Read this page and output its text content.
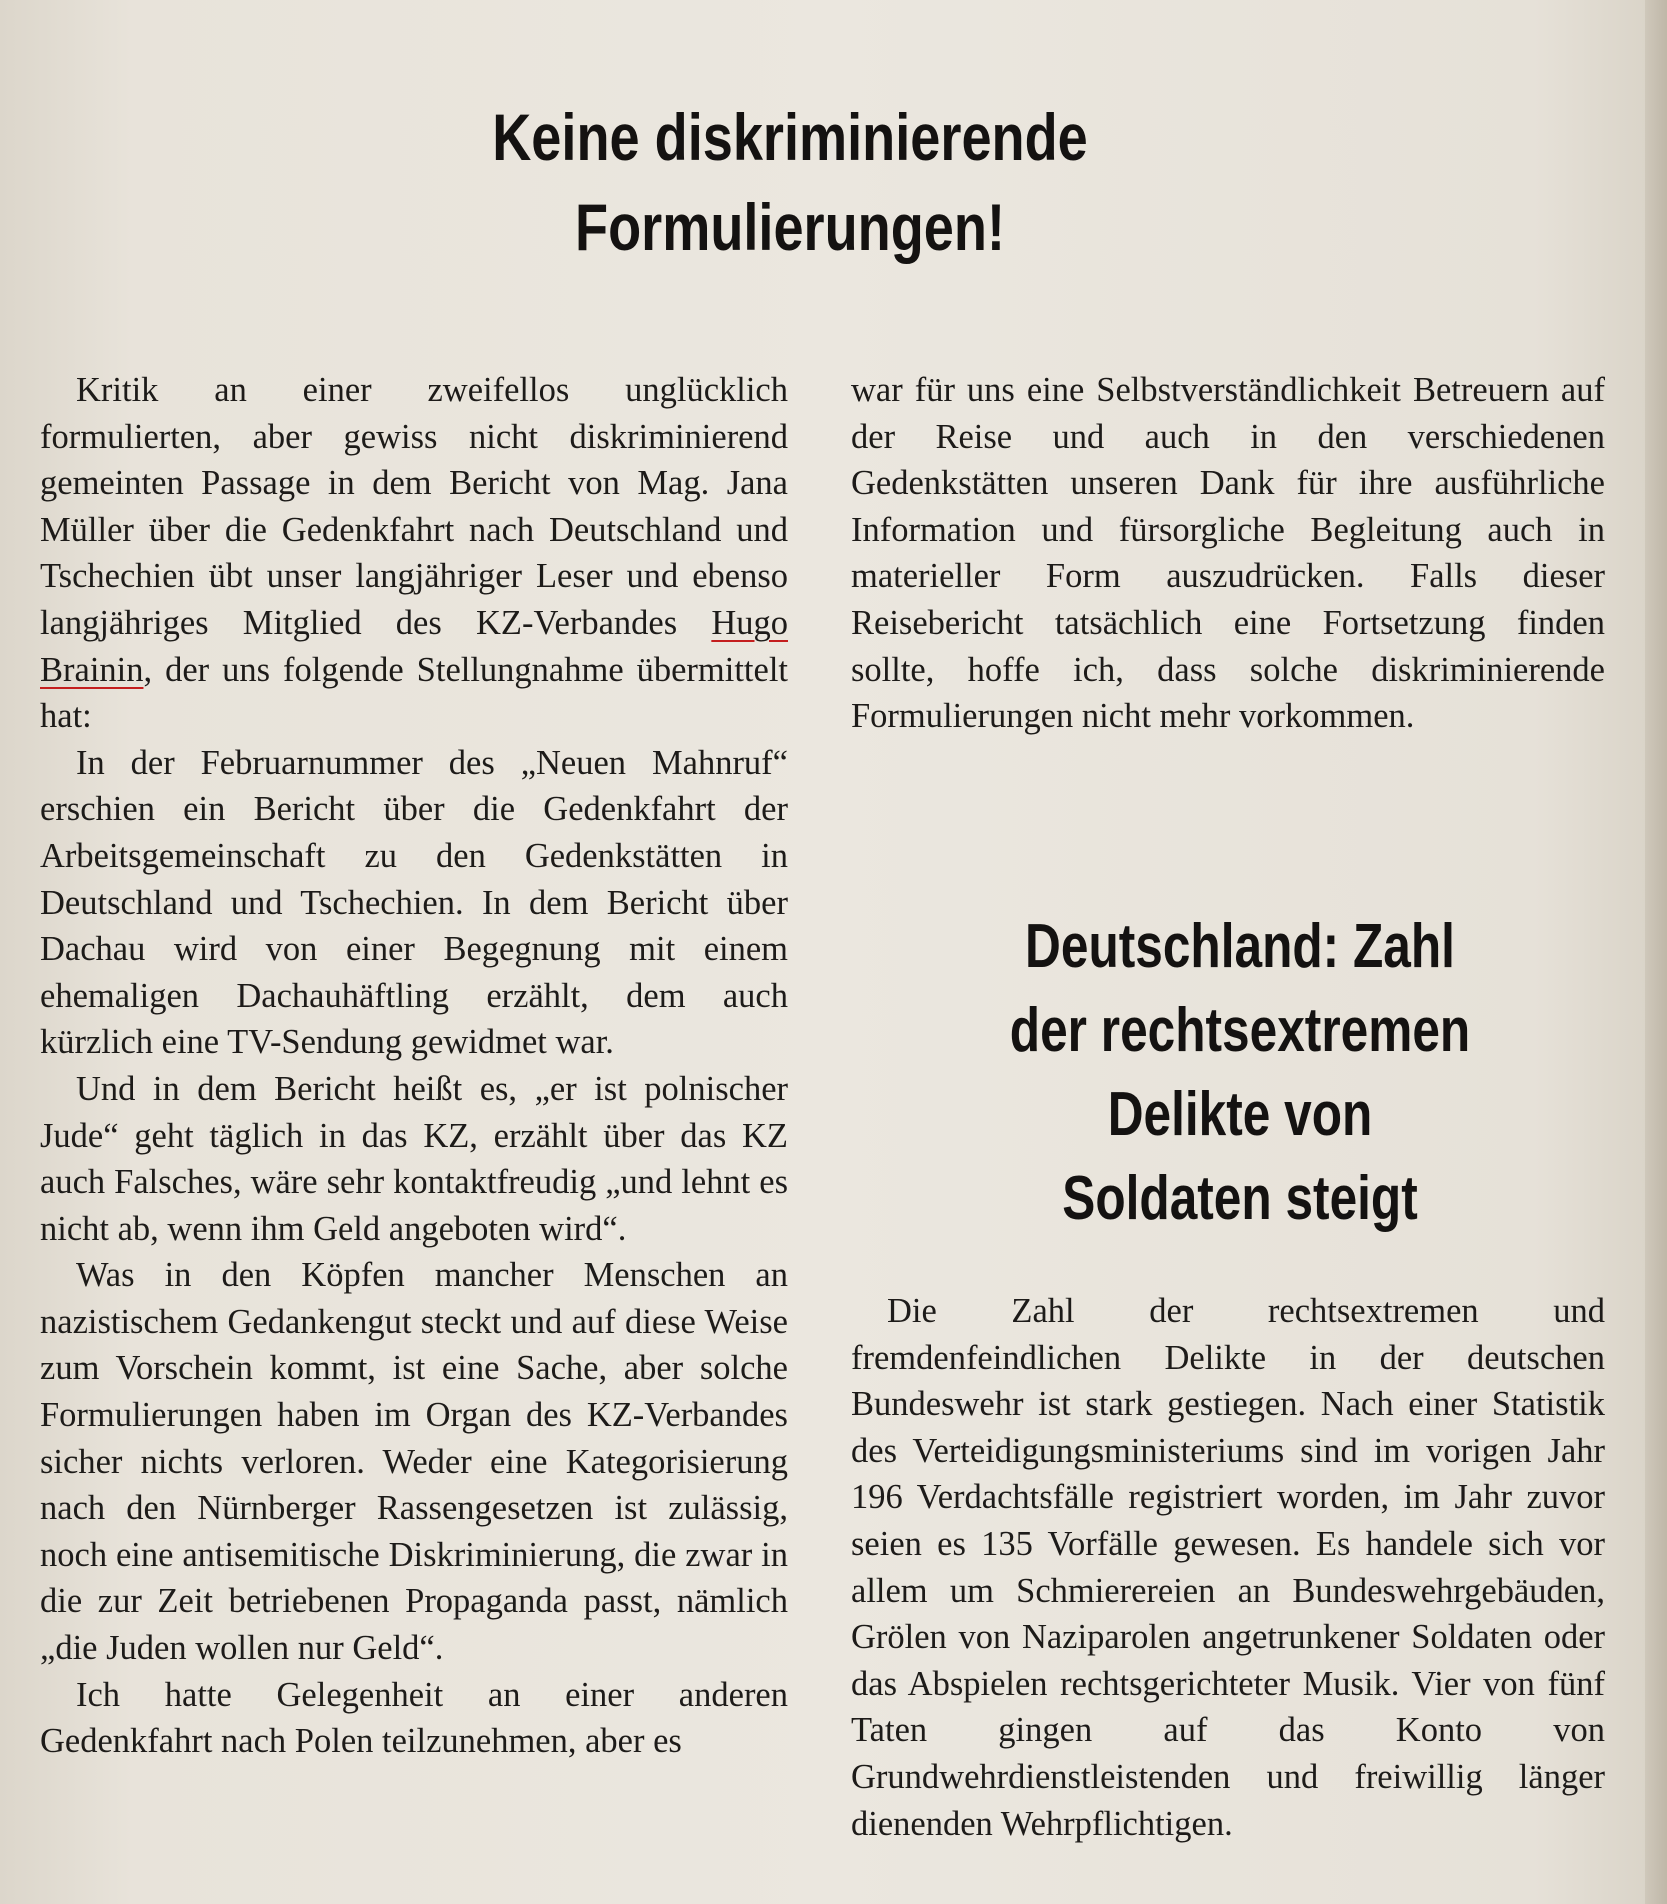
Keine diskriminierende
Formulierungen!

Kritik an einer zweifellos unglücklich formulierten, aber gewiss nicht diskriminierend gemeinten Passage in dem Bericht von Mag. Jana Müller über die Gedenkfahrt nach Deutschland und Tschechien übt unser langjähriger Leser und ebenso langjähriges Mitglied des KZ-Verbandes Hugo Brainin, der uns folgende Stellungnahme übermittelt hat:

In der Februarnummer des „Neuen Mahnruf“ erschien ein Bericht über die Gedenkfahrt der Arbeitsgemeinschaft zu den Gedenkstätten in Deutschland und Tschechien. In dem Bericht über Dachau wird von einer Begegnung mit einem ehemaligen Dachauhäftling erzählt, dem auch kürzlich eine TV-Sendung gewidmet war.

Und in dem Bericht heißt es, „er ist polnischer Jude“ geht täglich in das KZ, erzählt über das KZ auch Falsches, wäre sehr kontaktfreudig „und lehnt es nicht ab, wenn ihm Geld angeboten wird“.

Was in den Köpfen mancher Menschen an nazistischem Gedankengut steckt und auf diese Weise zum Vorschein kommt, ist eine Sache, aber solche Formulierungen haben im Organ des KZ-Verbandes sicher nichts verloren. Weder eine Kategorisierung nach den Nürnberger Rassengesetzen ist zulässig, noch eine antisemitische Diskriminierung, die zwar in die zur Zeit betriebenen Propaganda passt, nämlich „die Juden wollen nur Geld“.

Ich hatte Gelegenheit an einer anderen Gedenkfahrt nach Polen teilzunehmen, aber es

war für uns eine Selbstverständlichkeit Betreuern auf der Reise und auch in den verschiedenen Gedenkstätten unseren Dank für ihre ausführliche Information und fürsorgliche Begleitung auch in materieller Form auszudrücken. Falls dieser Reisebericht tatsächlich eine Fortsetzung finden sollte, hoffe ich, dass solche diskriminierende Formulierungen nicht mehr vorkommen.

Deutschland: Zahl
der rechtsextremen
Delikte von
Soldaten steigt

Die Zahl der rechtsextremen und fremdenfeindlichen Delikte in der deutschen Bundeswehr ist stark gestiegen. Nach einer Statistik des Verteidigungsministeriums sind im vorigen Jahr 196 Verdachtsfälle registriert worden, im Jahr zuvor seien es 135 Vorfälle gewesen. Es handele sich vor allem um Schmierereien an Bundeswehrgebäuden, Grölen von Naziparolen angetrunkener Soldaten oder das Abspielen rechtsgerichteter Musik. Vier von fünf Taten gingen auf das Konto von Grundwehrdienstleistenden und freiwillig länger dienenden Wehrpflichtigen.
